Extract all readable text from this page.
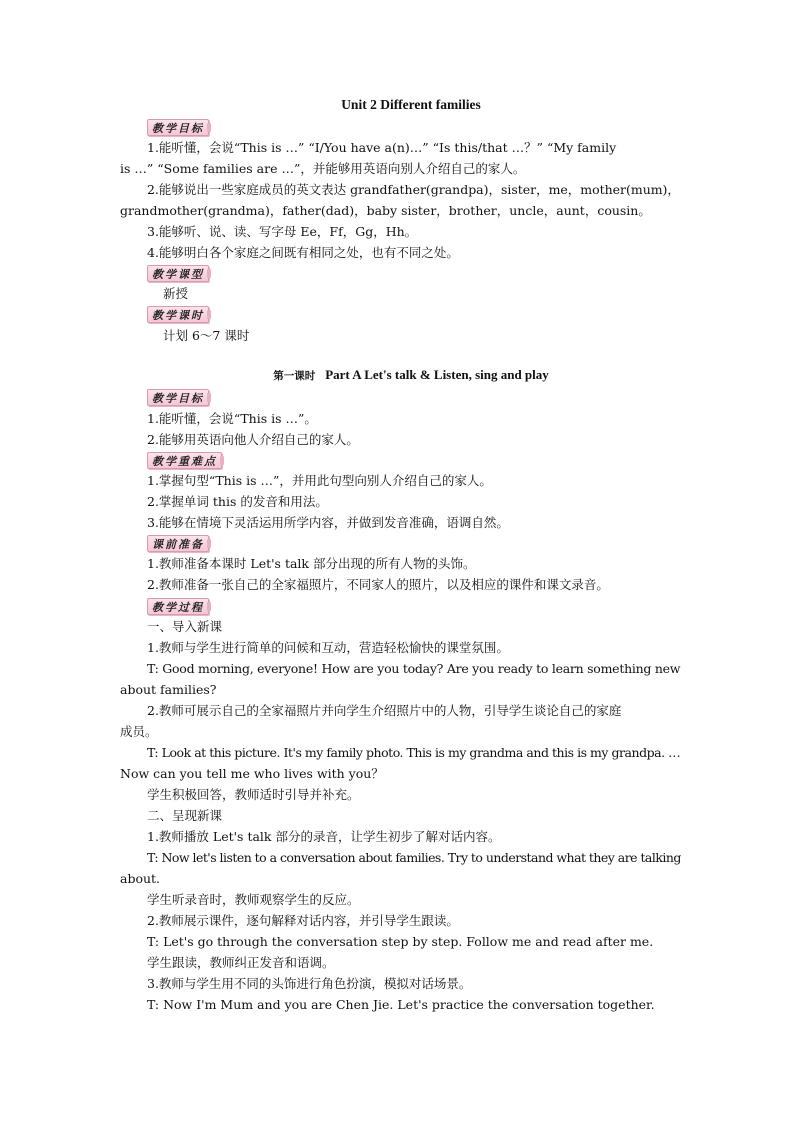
Unit 2 Different families
教学目标
1.能听懂，会说“This is …” “I/You have a(n)…” “Is this/that …？” “My family
is …” “Some families are …”，并能够用英语向别人介绍自己的家人。
2.能够说出一些家庭成员的英文表达 grandfather(grandpa)，sister，me，mother(mum)，
grandmother(grandma)，father(dad)，baby sister，brother，uncle，aunt，cousin。
3.能够听、说、读、写字母 Ee，Ff，Gg，Hh。
4.能够明白各个家庭之间既有相同之处，也有不同之处。
教学课型
新授
教学课时
计划 6～7 课时
第一课时 Part A Let's talk & Listen, sing and play
教学目标
1.能听懂，会说“This is …”。
2.能够用英语向他人介绍自己的家人。
教学重难点
1.掌握句型“This is …”，并用此句型向别人介绍自己的家人。
2.掌握单词 this 的发音和用法。
3.能够在情境下灵活运用所学内容，并做到发音准确，语调自然。
课前准备
1.教师准备本课时 Let's talk 部分出现的所有人物的头饰。
2.教师准备一张自己的全家福照片，不同家人的照片，以及相应的课件和课文录音。
教学过程
一、导入新课
1.教师与学生进行简单的问候和互动，营造轻松愉快的课堂氛围。
T: Good morning, everyone! How are you today? Are you ready to learn something new
about families?
2.教师可展示自己的全家福照片并向学生介绍照片中的人物，引导学生谈论自己的家庭
成员。
T: Look at this picture. It's my family photo. This is my grandma and this is my grandpa. …
Now can you tell me who lives with you？
学生积极回答，教师适时引导并补充。
二、呈现新课
1.教师播放 Let's talk 部分的录音，让学生初步了解对话内容。
T: Now let's listen to a conversation about families. Try to understand what they are talking
about.
学生听录音时，教师观察学生的反应。
2.教师展示课件，逐句解释对话内容，并引导学生跟读。
T: Let's go through the conversation step by step. Follow me and read after me.
学生跟读，教师纠正发音和语调。
3.教师与学生用不同的头饰进行角色扮演，模拟对话场景。
T: Now I'm Mum and you are Chen Jie. Let's practice the conversation together.
